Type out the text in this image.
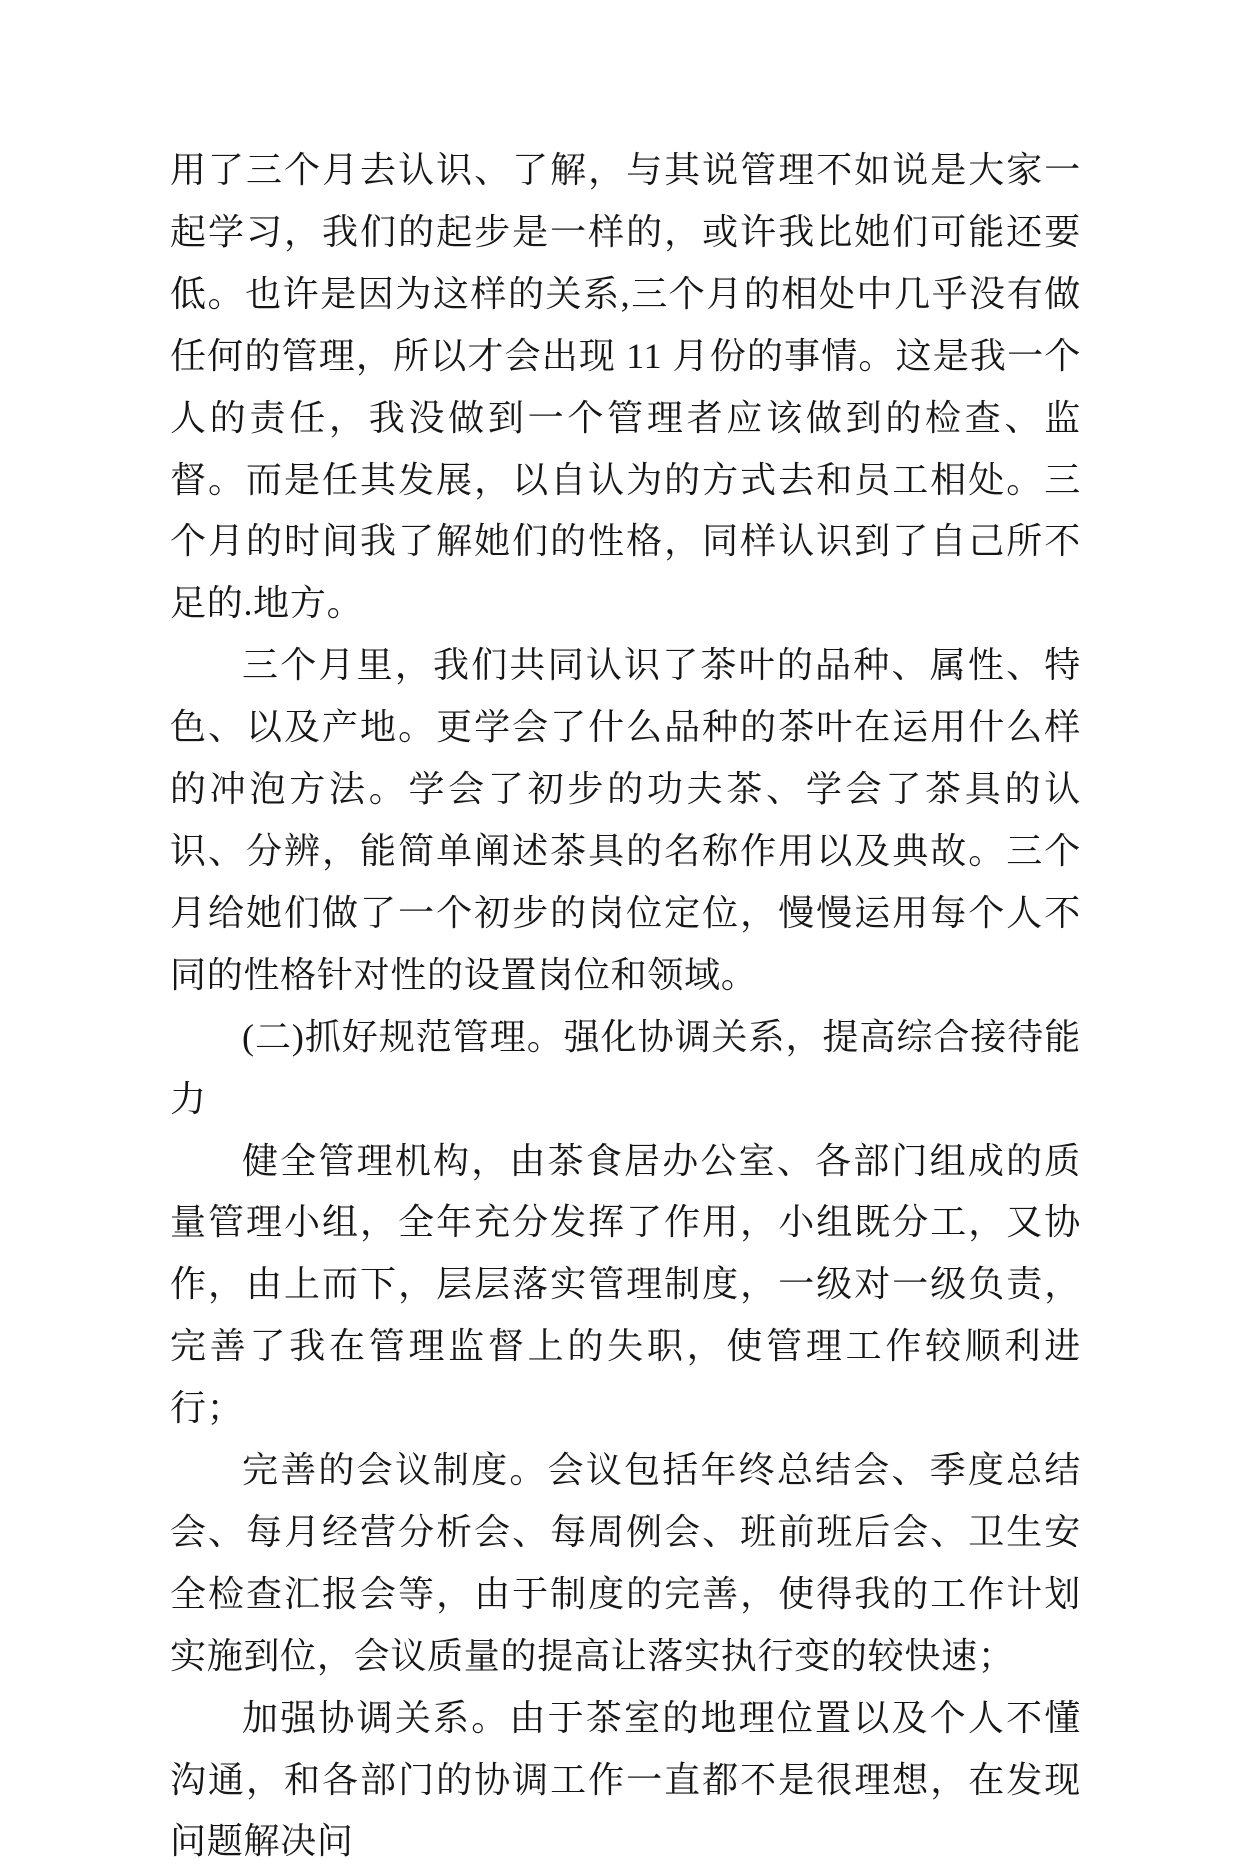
用了三个月去认识、了解，与其说管理不如说是大家一起学习，我们的起步是一样的，或许我比她们可能还要低。也许是因为这样的关系,三个月的相处中几乎没有做任何的管理，所以才会出现 11 月份的事情。这是我一个人的责任，我没做到一个管理者应该做到的检查、监督。而是任其发展，以自认为的方式去和员工相处。三个月的时间我了解她们的性格，同样认识到了自己所不足的.地方。

三个月里，我们共同认识了茶叶的品种、属性、特色、以及产地。更学会了什么品种的茶叶在运用什么样的冲泡方法。学会了初步的功夫茶、学会了茶具的认识、分辨，能简单阐述茶具的名称作用以及典故。三个月给她们做了一个初步的岗位定位，慢慢运用每个人不同的性格针对性的设置岗位和领域。

(二)抓好规范管理。强化协调关系，提高综合接待能力

健全管理机构，由茶食居办公室、各部门组成的质量管理小组，全年充分发挥了作用，小组既分工，又协作，由上而下，层层落实管理制度，一级对一级负责， 完善了我在管理监督上的失职，使管理工作较顺利进行；

完善的会议制度。会议包括年终总结会、季度总结会、每月经营分析会、每周例会、班前班后会、卫生安全检查汇报会等，由于制度的完善，使得我的工作计划实施到位，会议质量的提高让落实执行变的较快速；

加强协调关系。由于茶室的地理位置以及个人不懂沟通，和各部门的协调工作一直都不是很理想，在发现问题解决问
